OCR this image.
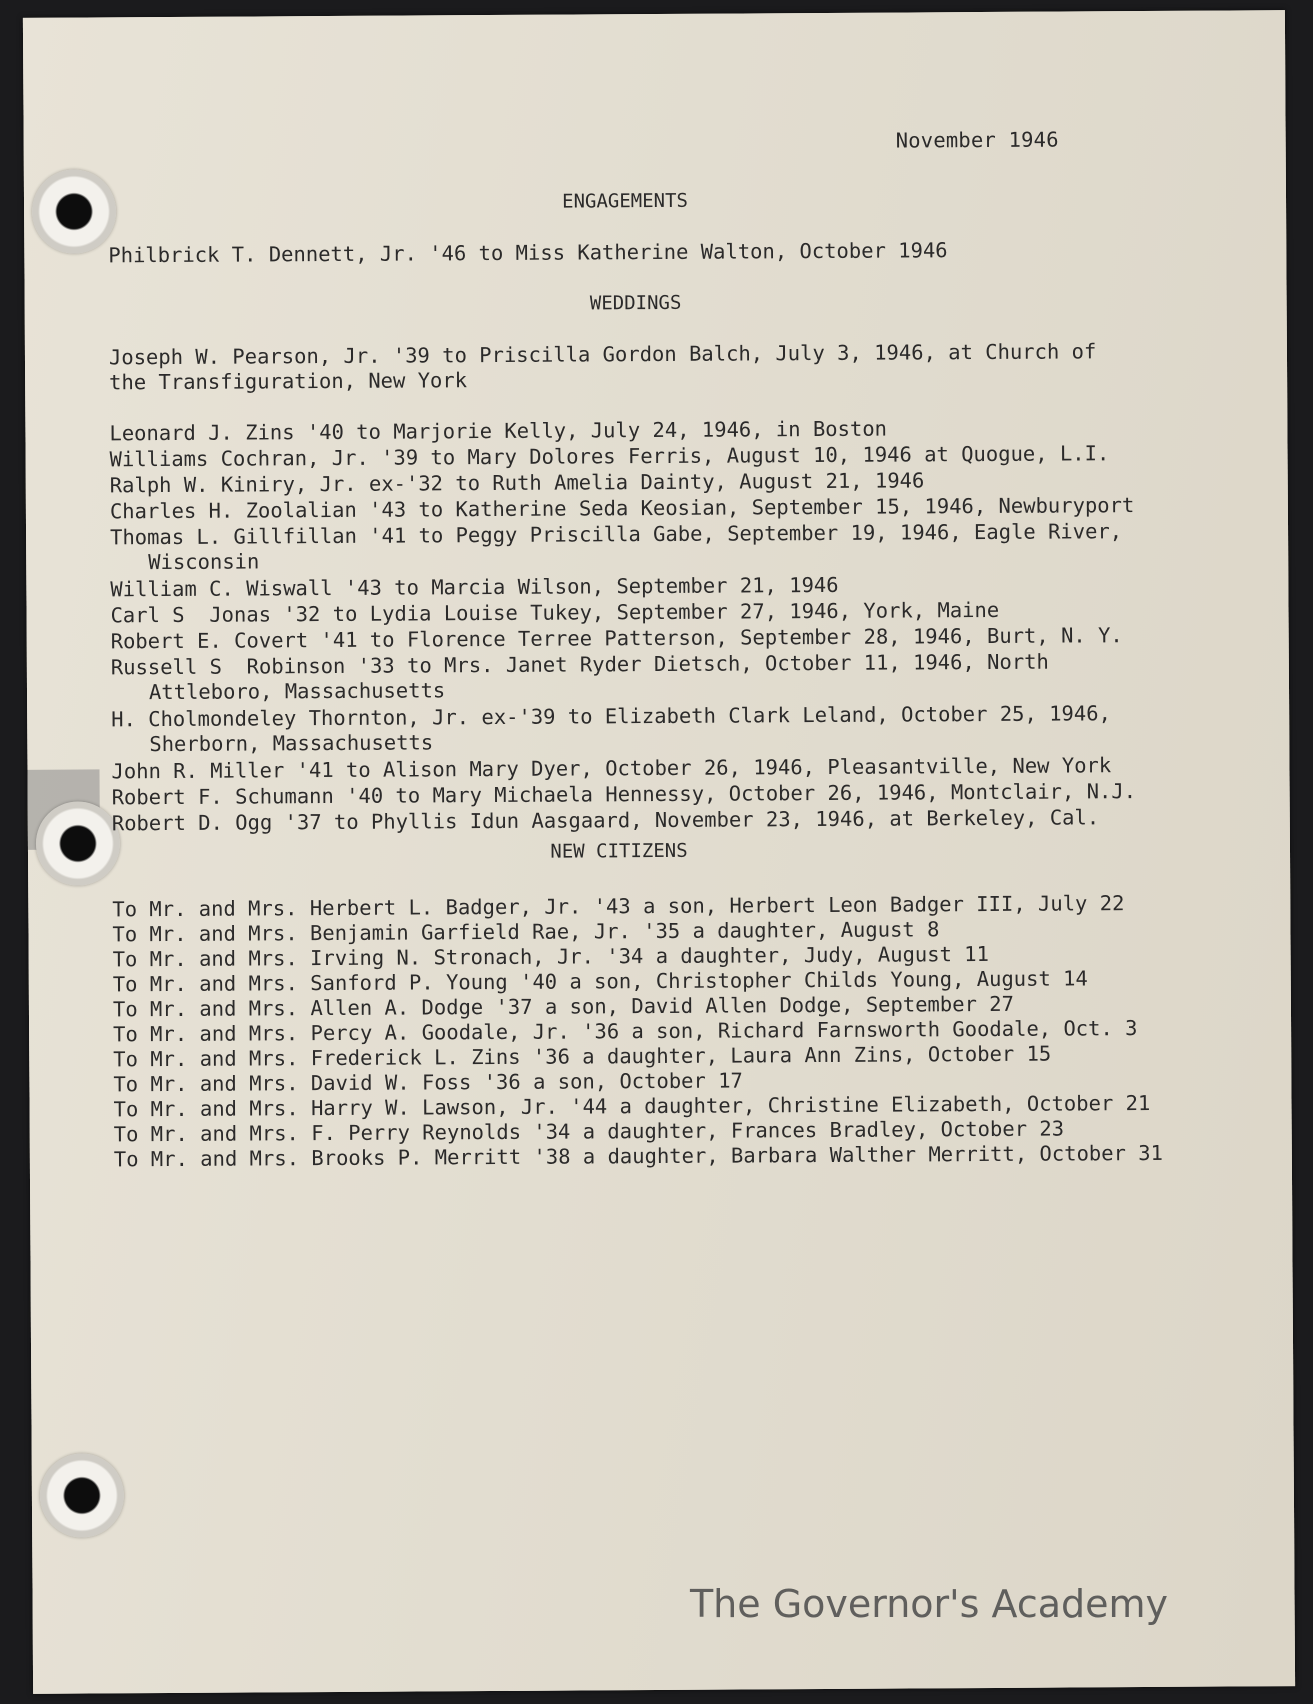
November 1946
ENGAGEMENTS
Philbrick T. Dennett, Jr. '46 to Miss Katherine Walton, October 1946
WEDDINGS
Joseph W. Pearson, Jr. '39 to Priscilla Gordon Balch, July 3, 1946, at Church of
the Transfiguration, New York
Leonard J. Zins '40 to Marjorie Kelly, July 24, 1946, in Boston
Williams Cochran, Jr. '39 to Mary Dolores Ferris, August 10, 1946 at Quogue, L.I.
Ralph W. Kiniry, Jr. ex-'32 to Ruth Amelia Dainty, August 21, 1946
Charles H. Zoolalian '43 to Katherine Seda Keosian, September 15, 1946, Newburyport
Thomas L. Gillfillan '41 to Peggy Priscilla Gabe, September 19, 1946, Eagle River,
Wisconsin
William C. Wiswall '43 to Marcia Wilson, September 21, 1946
Carl S  Jonas '32 to Lydia Louise Tukey, September 27, 1946, York, Maine
Robert E. Covert '41 to Florence Terree Patterson, September 28, 1946, Burt, N. Y.
Russell S  Robinson '33 to Mrs. Janet Ryder Dietsch, October 11, 1946, North
Attleboro, Massachusetts
H. Cholmondeley Thornton, Jr. ex-'39 to Elizabeth Clark Leland, October 25, 1946,
Sherborn, Massachusetts
John R. Miller '41 to Alison Mary Dyer, October 26, 1946, Pleasantville, New York
Robert F. Schumann '40 to Mary Michaela Hennessy, October 26, 1946, Montclair, N.J.
Robert D. Ogg '37 to Phyllis Idun Aasgaard, November 23, 1946, at Berkeley, Cal.
NEW CITIZENS
To Mr. and Mrs. Herbert L. Badger, Jr. '43 a son, Herbert Leon Badger III, July 22
To Mr. and Mrs. Benjamin Garfield Rae, Jr. '35 a daughter, August 8
To Mr. and Mrs. Irving N. Stronach, Jr. '34 a daughter, Judy, August 11
To Mr. and Mrs. Sanford P. Young '40 a son, Christopher Childs Young, August 14
To Mr. and Mrs. Allen A. Dodge '37 a son, David Allen Dodge, September 27
To Mr. and Mrs. Percy A. Goodale, Jr. '36 a son, Richard Farnsworth Goodale, Oct. 3
To Mr. and Mrs. Frederick L. Zins '36 a daughter, Laura Ann Zins, October 15
To Mr. and Mrs. David W. Foss '36 a son, October 17
To Mr. and Mrs. Harry W. Lawson, Jr. '44 a daughter, Christine Elizabeth, October 21
To Mr. and Mrs. F. Perry Reynolds '34 a daughter, Frances Bradley, October 23
To Mr. and Mrs. Brooks P. Merritt '38 a daughter, Barbara Walther Merritt, October 31
The Governor's Academy
